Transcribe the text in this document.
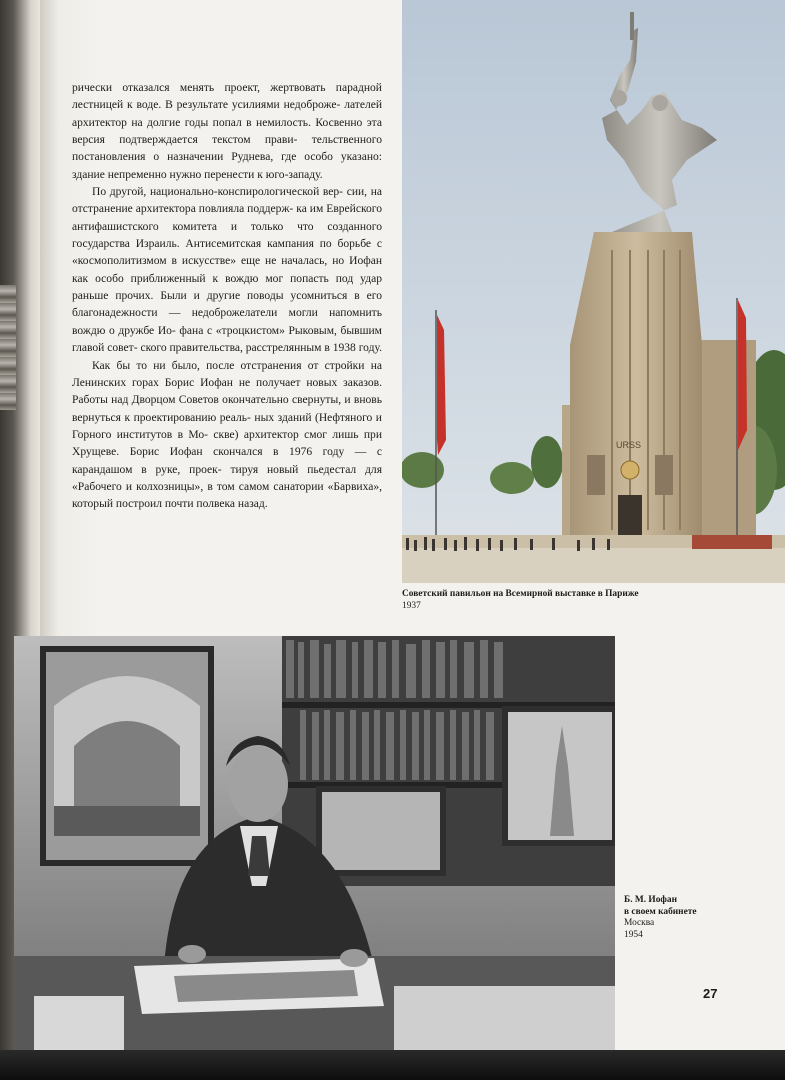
рически отказался менять проект, жертвовать парадной лестницей к воде. В результате усилиями недоброже- лателей архитектор на долгие годы попал в немилость. Косвенно эта версия подтверждается текстом прави- тельственного постановления о назначении Руднева, где особо указано: здание непременно нужно перенести к юго-западу.

По другой, национально-конспирологической вер- сии, на отстранение архитектора повлияла поддерж- ка им Еврейского антифашистского комитета и только что созданного государства Израиль. Антисемитская кампания по борьбе с «космополитизмом в искусстве» еще не началась, но Иофан как особо приближенный к вождю мог попасть под удар раньше прочих. Были и другие поводы усомниться в его благонадежности — недоброжелатели могли напомнить вождю о дружбе Ио- фана с «троцкистом» Рыковым, бывшим главой совет- ского правительства, расстрелянным в 1938 году.

Как бы то ни было, после отстранения от стройки на Ленинских горах Борис Иофан не получает новых заказов. Работы над Дворцом Советов окончательно свернуты, и вновь вернуться к проектированию реаль- ных зданий (Нефтяного и Горного институтов в Мо- скве) архитектор смог лишь при Хрущеве. Борис Иофан скончался в 1976 году — с карандашом в руке, проек- тируя новый пьедестал для «Рабочего и колхозницы», в том самом санатории «Барвиха», который построил почти полвека назад.

URSS
Советский павильон на Всемирной выставке в Париже
1937
Б. М. Иофан
в своем кабинете
Москва
1954
27
